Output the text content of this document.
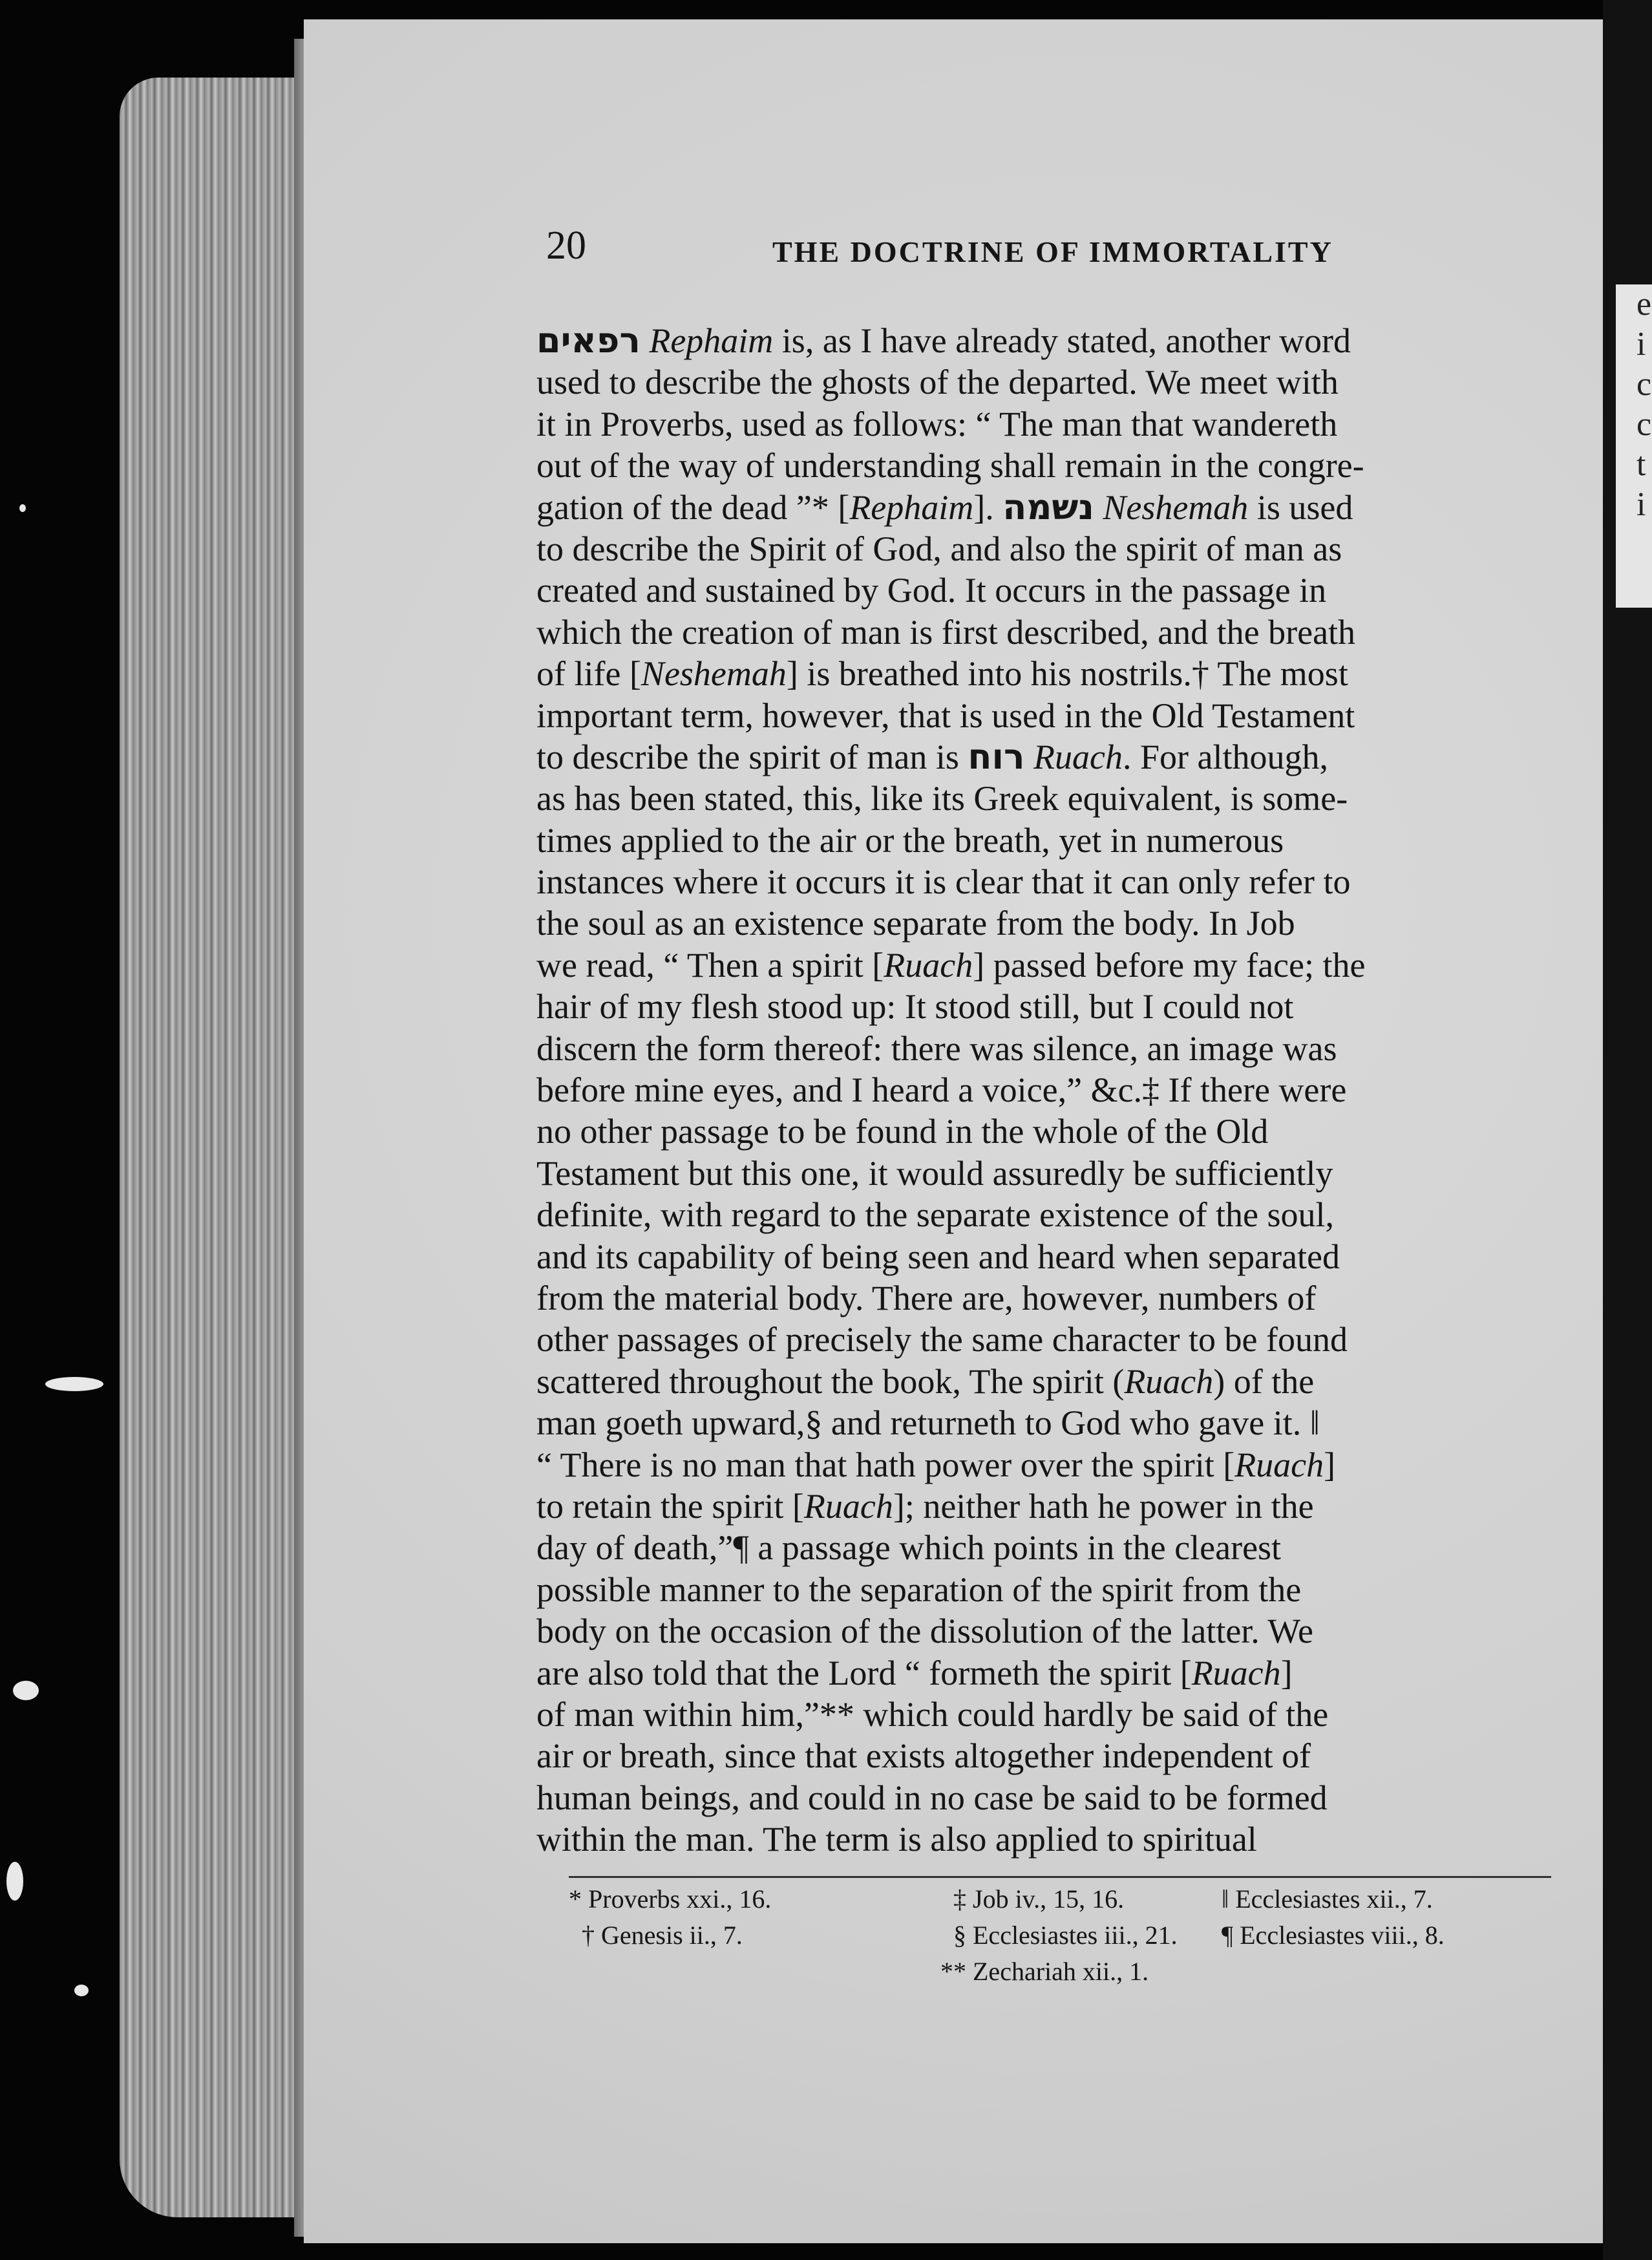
e
i
c
c
t
i
20	THE DOCTRINE OF IMMORTALITY
רפאים Rephaim is, as I have already stated, another word
used to describe the ghosts of the departed. We meet with
it in Proverbs, used as follows: “ The man that wandereth
out of the way of understanding shall remain in the congre-
gation of the dead ”* [Rephaim]. נשמה Neshemah is used
to describe the Spirit of God, and also the spirit of man as
created and sustained by God. It occurs in the passage in
which the creation of man is first described, and the breath
of life [Neshemah] is breathed into his nostrils.† The most
important term, however, that is used in the Old Testament
to describe the spirit of man is רוח Ruach. For although,
as has been stated, this, like its Greek equivalent, is some-
times applied to the air or the breath, yet in numerous
instances where it occurs it is clear that it can only refer to
the soul as an existence separate from the body. In Job
we read, “ Then a spirit [Ruach] passed before my face; the
hair of my flesh stood up: It stood still, but I could not
discern the form thereof: there was silence, an image was
before mine eyes, and I heard a voice,” &c.‡ If there were
no other passage to be found in the whole of the Old
Testament but this one, it would assuredly be sufficiently
definite, with regard to the separate existence of the soul,
and its capability of being seen and heard when separated
from the material body. There are, however, numbers of
other passages of precisely the same character to be found
scattered throughout the book, The spirit (Ruach) of the
man goeth upward,§ and returneth to God who gave it. ‖
“ There is no man that hath power over the spirit [Ruach]
to retain the spirit [Ruach]; neither hath he power in the
day of death,”¶ a passage which points in the clearest
possible manner to the separation of the spirit from the
body on the occasion of the dissolution of the latter. We
are also told that the Lord “ formeth the spirit [Ruach]
of man within him,”** which could hardly be said of the
air or breath, since that exists altogether independent of
human beings, and could in no case be said to be formed
within the man. The term is also applied to spiritual
* Proverbs xxi., 16.
† Genesis ii., 7.
‡ Job iv., 15, 16.
§ Ecclesiastes iii., 21.
** Zechariah xii., 1.
‖ Ecclesiastes xii., 7.
¶ Ecclesiastes viii., 8.
